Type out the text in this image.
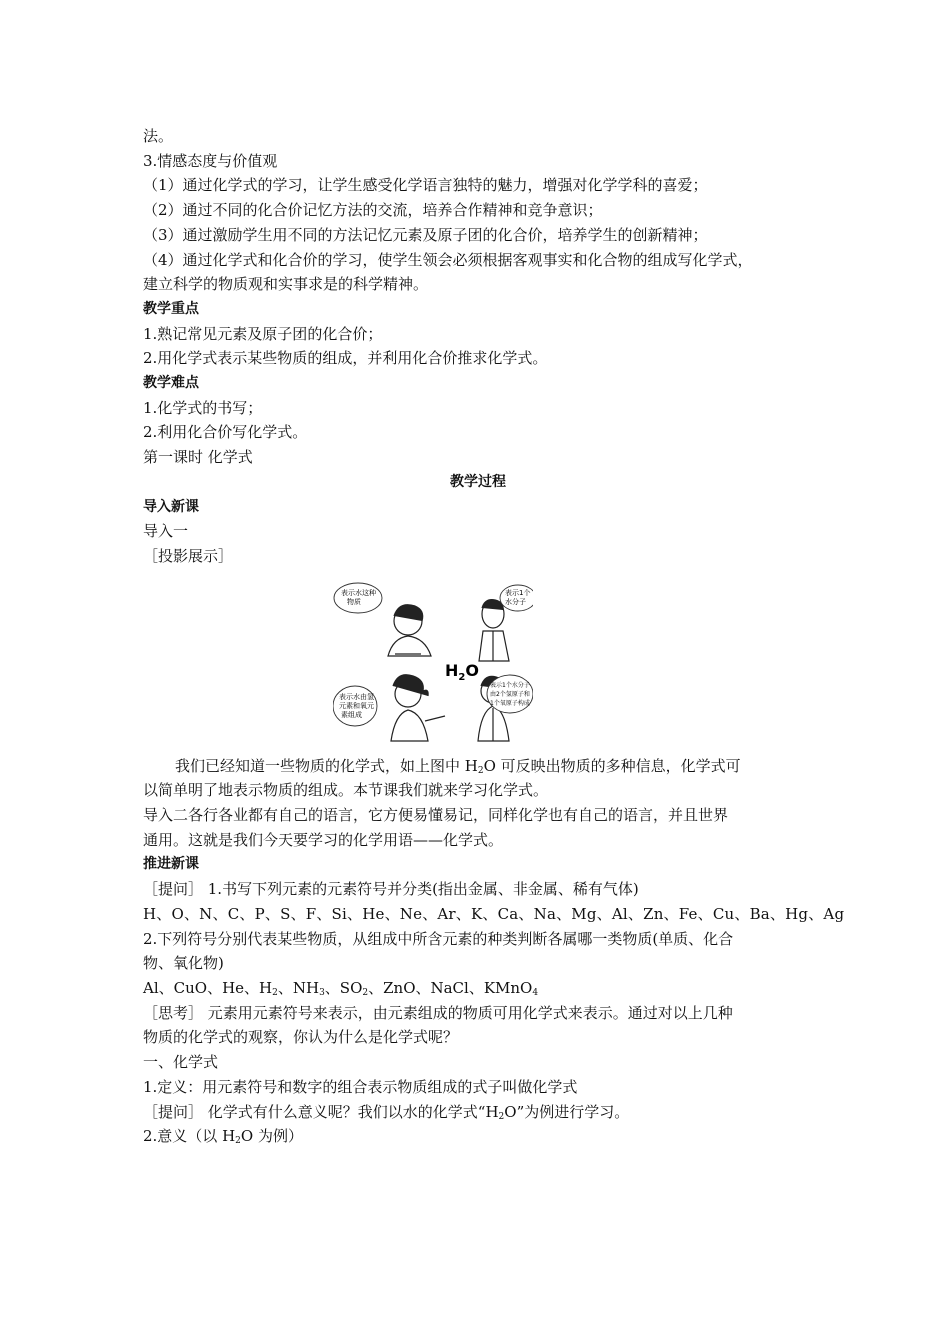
法。
3.情感态度与价值观
（1）通过化学式的学习，让学生感受化学语言独特的魅力，增强对化学学科的喜爱；
（2）通过不同的化合价记忆方法的交流，培养合作精神和竞争意识；
（3）通过激励学生用不同的方法记忆元素及原子团的化合价，培养学生的创新精神；
（4）通过化学式和化合价的学习，使学生领会必须根据客观事实和化合物的组成写化学式，
建立科学的物质观和实事求是的科学精神。
教学重点
1.熟记常见元素及原子团的化合价；
2.用化学式表示某些物质的组成，并利用化合价推求化学式。
教学难点
1.化学式的书写；
2.利用化合价写化学式。
第一课时 化学式
教学过程
导入新课
导入一
［投影展示］
表示水这种
物质
表示1个
水分子
表示水由氢
元素和氧元
素组成
表示1个水分子
由2个氢原子和
1个氧原子构成
$H_2O$
我们已经知道一些物质的化学式，如上图中 $H_2O$ 可反映出物质的多种信息，化学式可
以简单明了地表示物质的组成。本节课我们就来学习化学式。
导入二各行各业都有自己的语言，它方便易懂易记，同样化学也有自己的语言，并且世界
通用。这就是我们今天要学习的化学用语——化学式。
推进新课
［提问］ 1.书写下列元素的元素符号并分类(指出金属、非金属、稀有气体)
H、O、N、C、P、S、F、Si、He、Ne、Ar、K、Ca、Na、Mg、Al、Zn、Fe、Cu、Ba、Hg、Ag
2.下列符号分别代表某些物质，从组成中所含元素的种类判断各属哪一类物质(单质、化合
物、氧化物)
Al、CuO、He、$H_2$、$NH_3$、$SO_2$、ZnO、NaCl、KMnO$_4$
［思考］ 元素用元素符号来表示，由元素组成的物质可用化学式来表示。通过对以上几种
物质的化学式的观察，你认为什么是化学式呢？
一、化学式
1.定义：用元素符号和数字的组合表示物质组成的式子叫做化学式
［提问］ 化学式有什么意义呢？我们以水的化学式“$H_2O$”为例进行学习。
2.意义（以 $H_2O$ 为例）
